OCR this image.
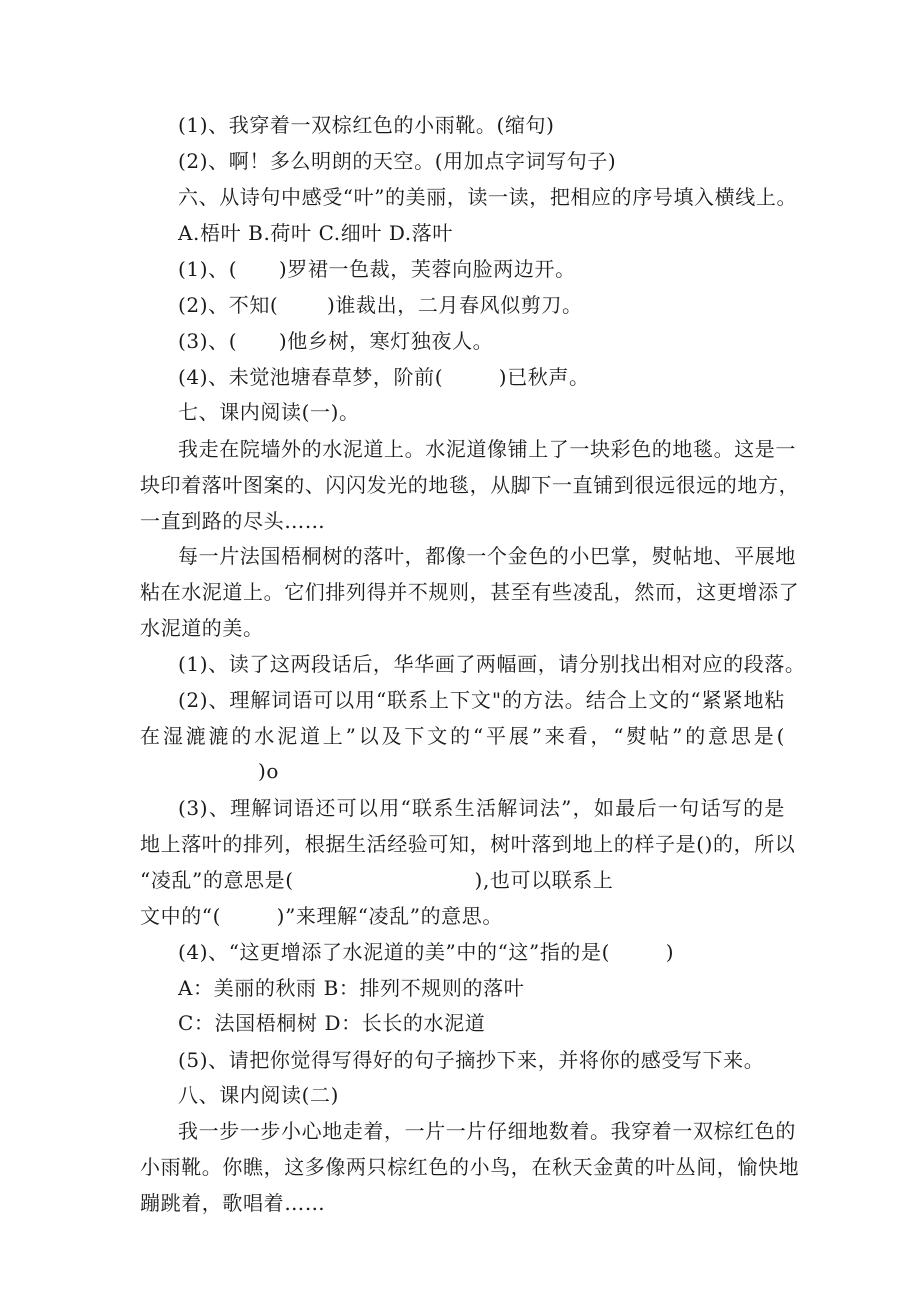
(1)、我穿着一双棕红色的小雨靴。(缩句)
(2)、啊！多么明朗的天空。(用加点字词写句子)
六、从诗句中感受“叶”的美丽，读一读，把相应的序号填入横线上。
A.梧叶 B.荷叶 C.细叶 D.落叶
(1)、(      )罗裙一色裁，芙蓉向脸两边开。
(2)、不知(       )谁裁出，二月春风似剪刀。
(3)、(      )他乡树，寒灯独夜人。
(4)、未觉池塘春草梦，阶前(        )已秋声。
七、课内阅读(一)。
我走在院墙外的水泥道上。水泥道像铺上了一块彩色的地毯。这是一
块印着落叶图案的、闪闪发光的地毯，从脚下一直铺到很远很远的地方，
一直到路的尽头……
每一片法国梧桐树的落叶，都像一个金色的小巴掌，熨帖地、平展地
粘在水泥道上。它们排列得并不规则，甚至有些凌乱，然而，这更增添了
水泥道的美。
(1)、读了这两段话后，华华画了两幅画，请分别找出相对应的段落。
(2)、理解词语可以用“联系上下文"的方法。结合上文的“紧紧地粘
在湿漉漉的水泥道上”以及下文的“平展”来看，“熨帖”的意思是(
)o
(3)、理解词语还可以用“联系生活解词法”，如最后一句话写的是
地上落叶的排列，根据生活经验可知，树叶落到地上的样子是()的，所以
“凌乱”的意思是(                          ),也可以联系上
文中的“(        )”来理解“凌乱”的意思。
(4)、“这更增添了水泥道的美”中的“这”指的是(        )
A：美丽的秋雨 B：排列不规则的落叶
C：法国梧桐树 D：长长的水泥道
(5)、请把你觉得写得好的句子摘抄下来，并将你的感受写下来。
八、课内阅读(二)
我一步一步小心地走着，一片一片仔细地数着。我穿着一双棕红色的
小雨靴。你瞧，这多像两只棕红色的小鸟，在秋天金黄的叶丛间，愉快地
蹦跳着，歌唱着……
